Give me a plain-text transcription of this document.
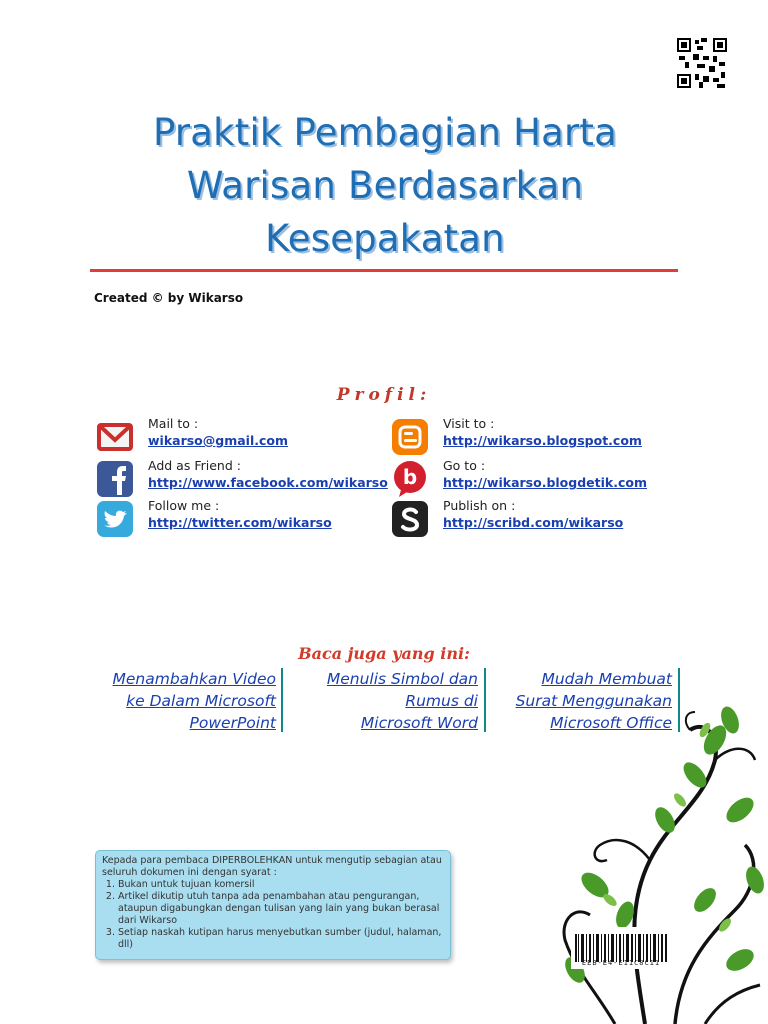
Praktik Pembagian Harta
Warisan Berdasarkan
Kesepakatan
Created © by Wikarso
Profil:
Mail to :
wikarso@gmail.com
Visit to :
http://wikarso.blogspot.com
Add as Friend :
http://www.facebook.com/wikarso b Go to :
http://wikarso.blogdetik.com
Follow me :
http://twitter.com/wikarso
Publish on :
http://scribd.com/wikarso
Baca juga yang ini:
Menambahkan Video
ke Dalam Microsoft
PowerPoint
Menulis Simbol dan
Rumus di
Microsoft Word
Mudah Membuat
Surat Menggunakan
Microsoft Office

Kepada para pembaca DIPERBOLEHKAN untuk mengutip sebagian atau seluruh dokumen ini dengan syarat :

1. Bukan untuk tujuan komersil
2. Artikel dikutip utuh tanpa ada penambahan atau pengurangan, ataupun digabungkan dengan tulisan yang lain yang bukan berasal dari Wikarso
3. Setiap naskah kutipan harus menyebutkan sumber (judul, halaman, dll)
EEB-E4-E11C8C11
